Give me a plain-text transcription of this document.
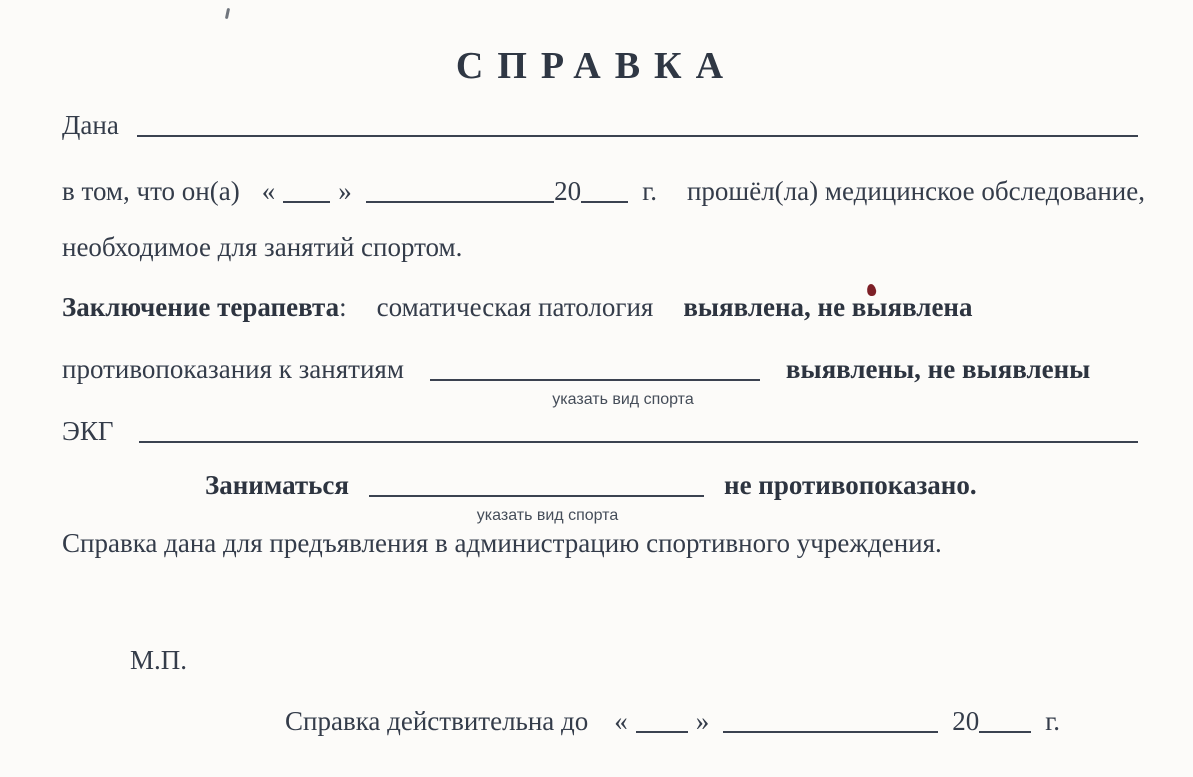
СПРАВКА
Дана
в том, что он(а) « »	20 г. прошёл(ла) медицинское обследование,
необходимое для занятий спортом.
Заключение терапевта : соматическая патология выявлена, не выявлена
противопоказания к занятиям	выявлены, не выявлены
указать вид спорта
ЭКГ
Заниматься	не противопоказано.
указать вид спорта
Справка дана для предъявления в администрацию спортивного учреждения.
М.П.
Справка действительна до «	»	20 г.
